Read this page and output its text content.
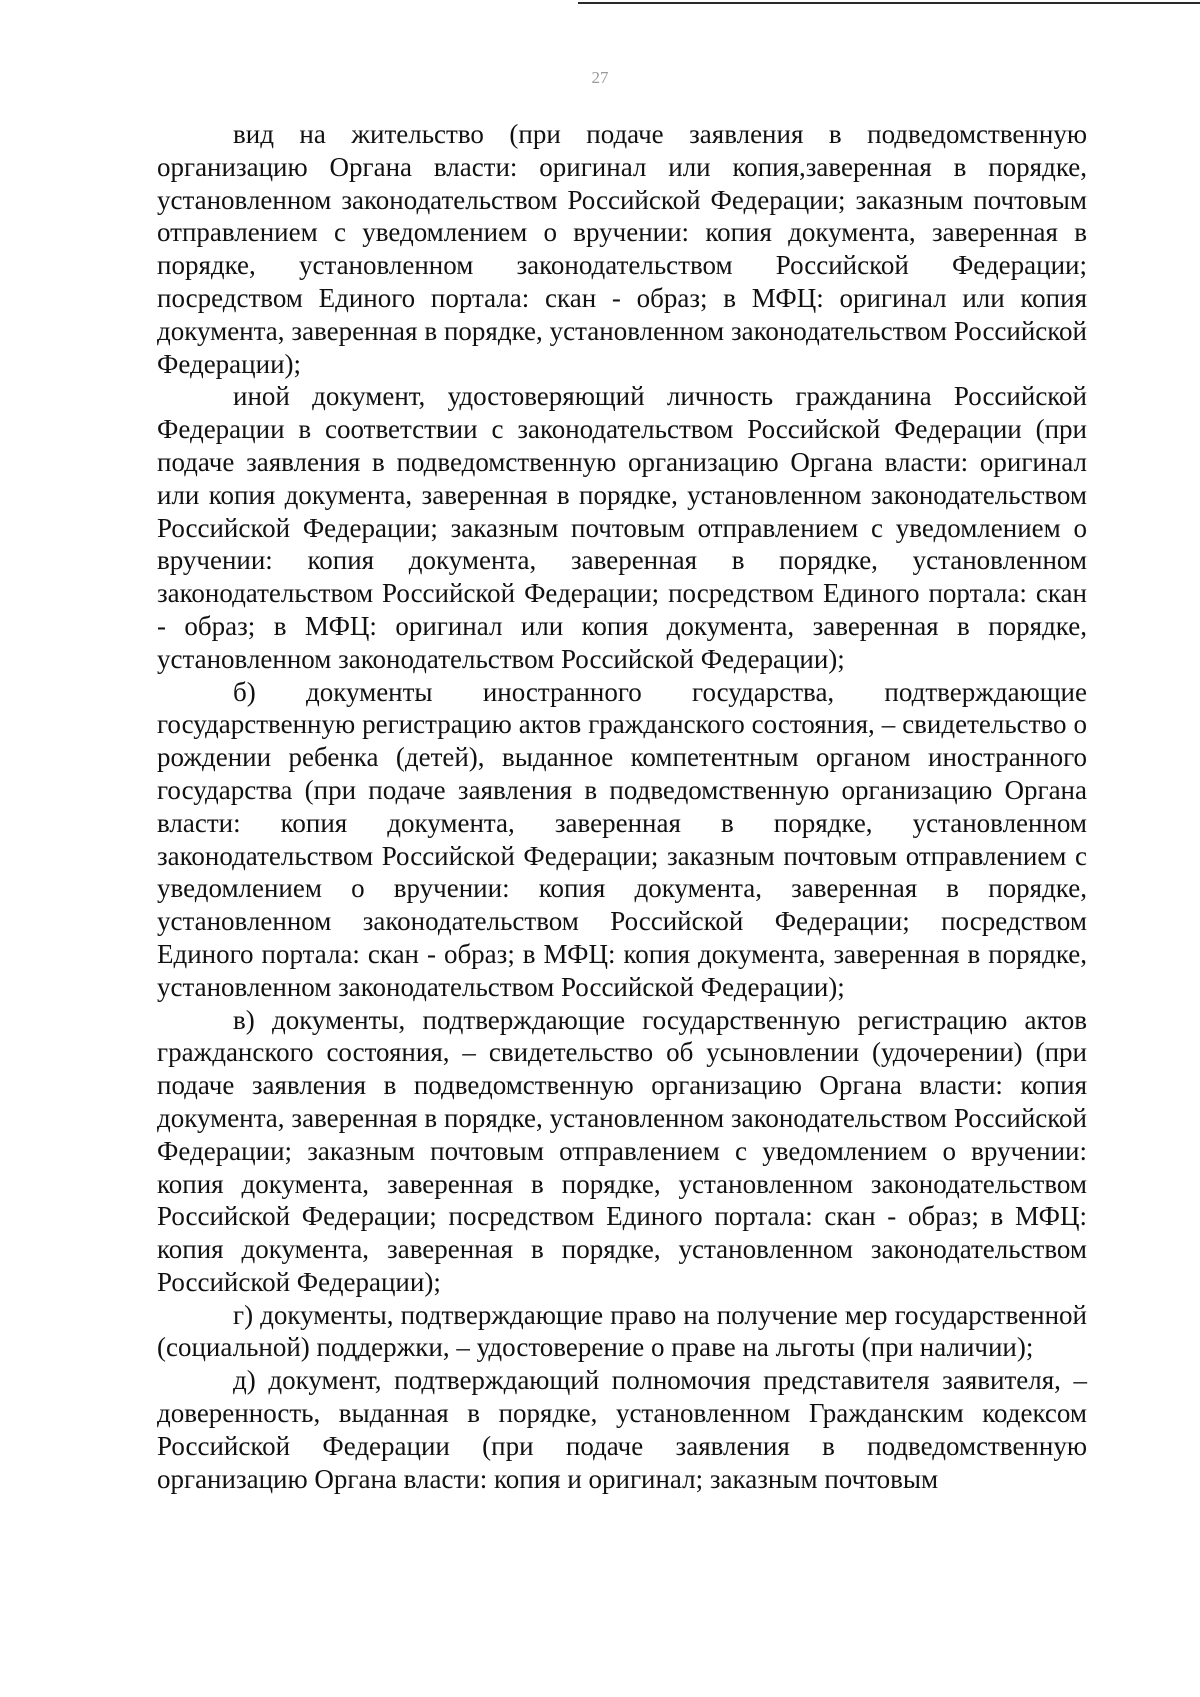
27

вид на жительство (при подаче заявления в подведомственную организацию Органа власти: оригинал или копия,заверенная в порядке, установленном законодательством Российской Федерации; заказным почтовым отправлением с уведомлением о вручении: копия документа, заверенная в порядке, установленном законодательством Российской Федерации; посредством Единого портала: скан - образ; в МФЦ: оригинал или копия документа, заверенная в порядке, установленном законодательством Российской Федерации);

иной документ, удостоверяющий личность гражданина Российской Федерации в соответствии с законодательством Российской Федерации (при подаче заявления в подведомственную организацию Органа власти: оригинал или копия документа, заверенная в порядке, установленном законодательством Российской Федерации; заказным почтовым отправлением с уведомлением о вручении: копия документа, заверенная в порядке, установленном законодательством Российской Федерации; посредством Единого портала: скан - образ; в МФЦ: оригинал или копия документа, заверенная в порядке, установленном законодательством Российской Федерации);

б) документы иностранного государства, подтверждающие государственную регистрацию актов гражданского состояния, – свидетельство о рождении ребенка (детей), выданное компетентным органом иностранного государства (при подаче заявления в подведомственную организацию Органа власти: копия документа, заверенная в порядке, установленном законодательством Российской Федерации; заказным почтовым отправлением с уведомлением о вручении: копия документа, заверенная в порядке, установленном законодательством Российской Федерации; посредством Единого портала: скан - образ; в МФЦ: копия документа, заверенная в порядке, установленном законодательством Российской Федерации);

в) документы, подтверждающие государственную регистрацию актов гражданского состояния, – свидетельство об усыновлении (удочерении) (при подаче заявления в подведомственную организацию Органа власти: копия документа, заверенная в порядке, установленном законодательством Российской Федерации; заказным почтовым отправлением с уведомлением о вручении: копия документа, заверенная в порядке, установленном законодательством Российской Федерации; посредством Единого портала: скан - образ; в МФЦ: копия документа, заверенная в порядке, установленном законодательством Российской Федерации);

г) документы, подтверждающие право на получение мер государственной (социальной) поддержки, – удостоверение о праве на льготы (при наличии);

д) документ, подтверждающий полномочия представителя заявителя, – доверенность, выданная в порядке, установленном Гражданским кодексом Российской Федерации (при подаче заявления в подведомственную организацию Органа власти: копия и оригинал; заказным почтовым
